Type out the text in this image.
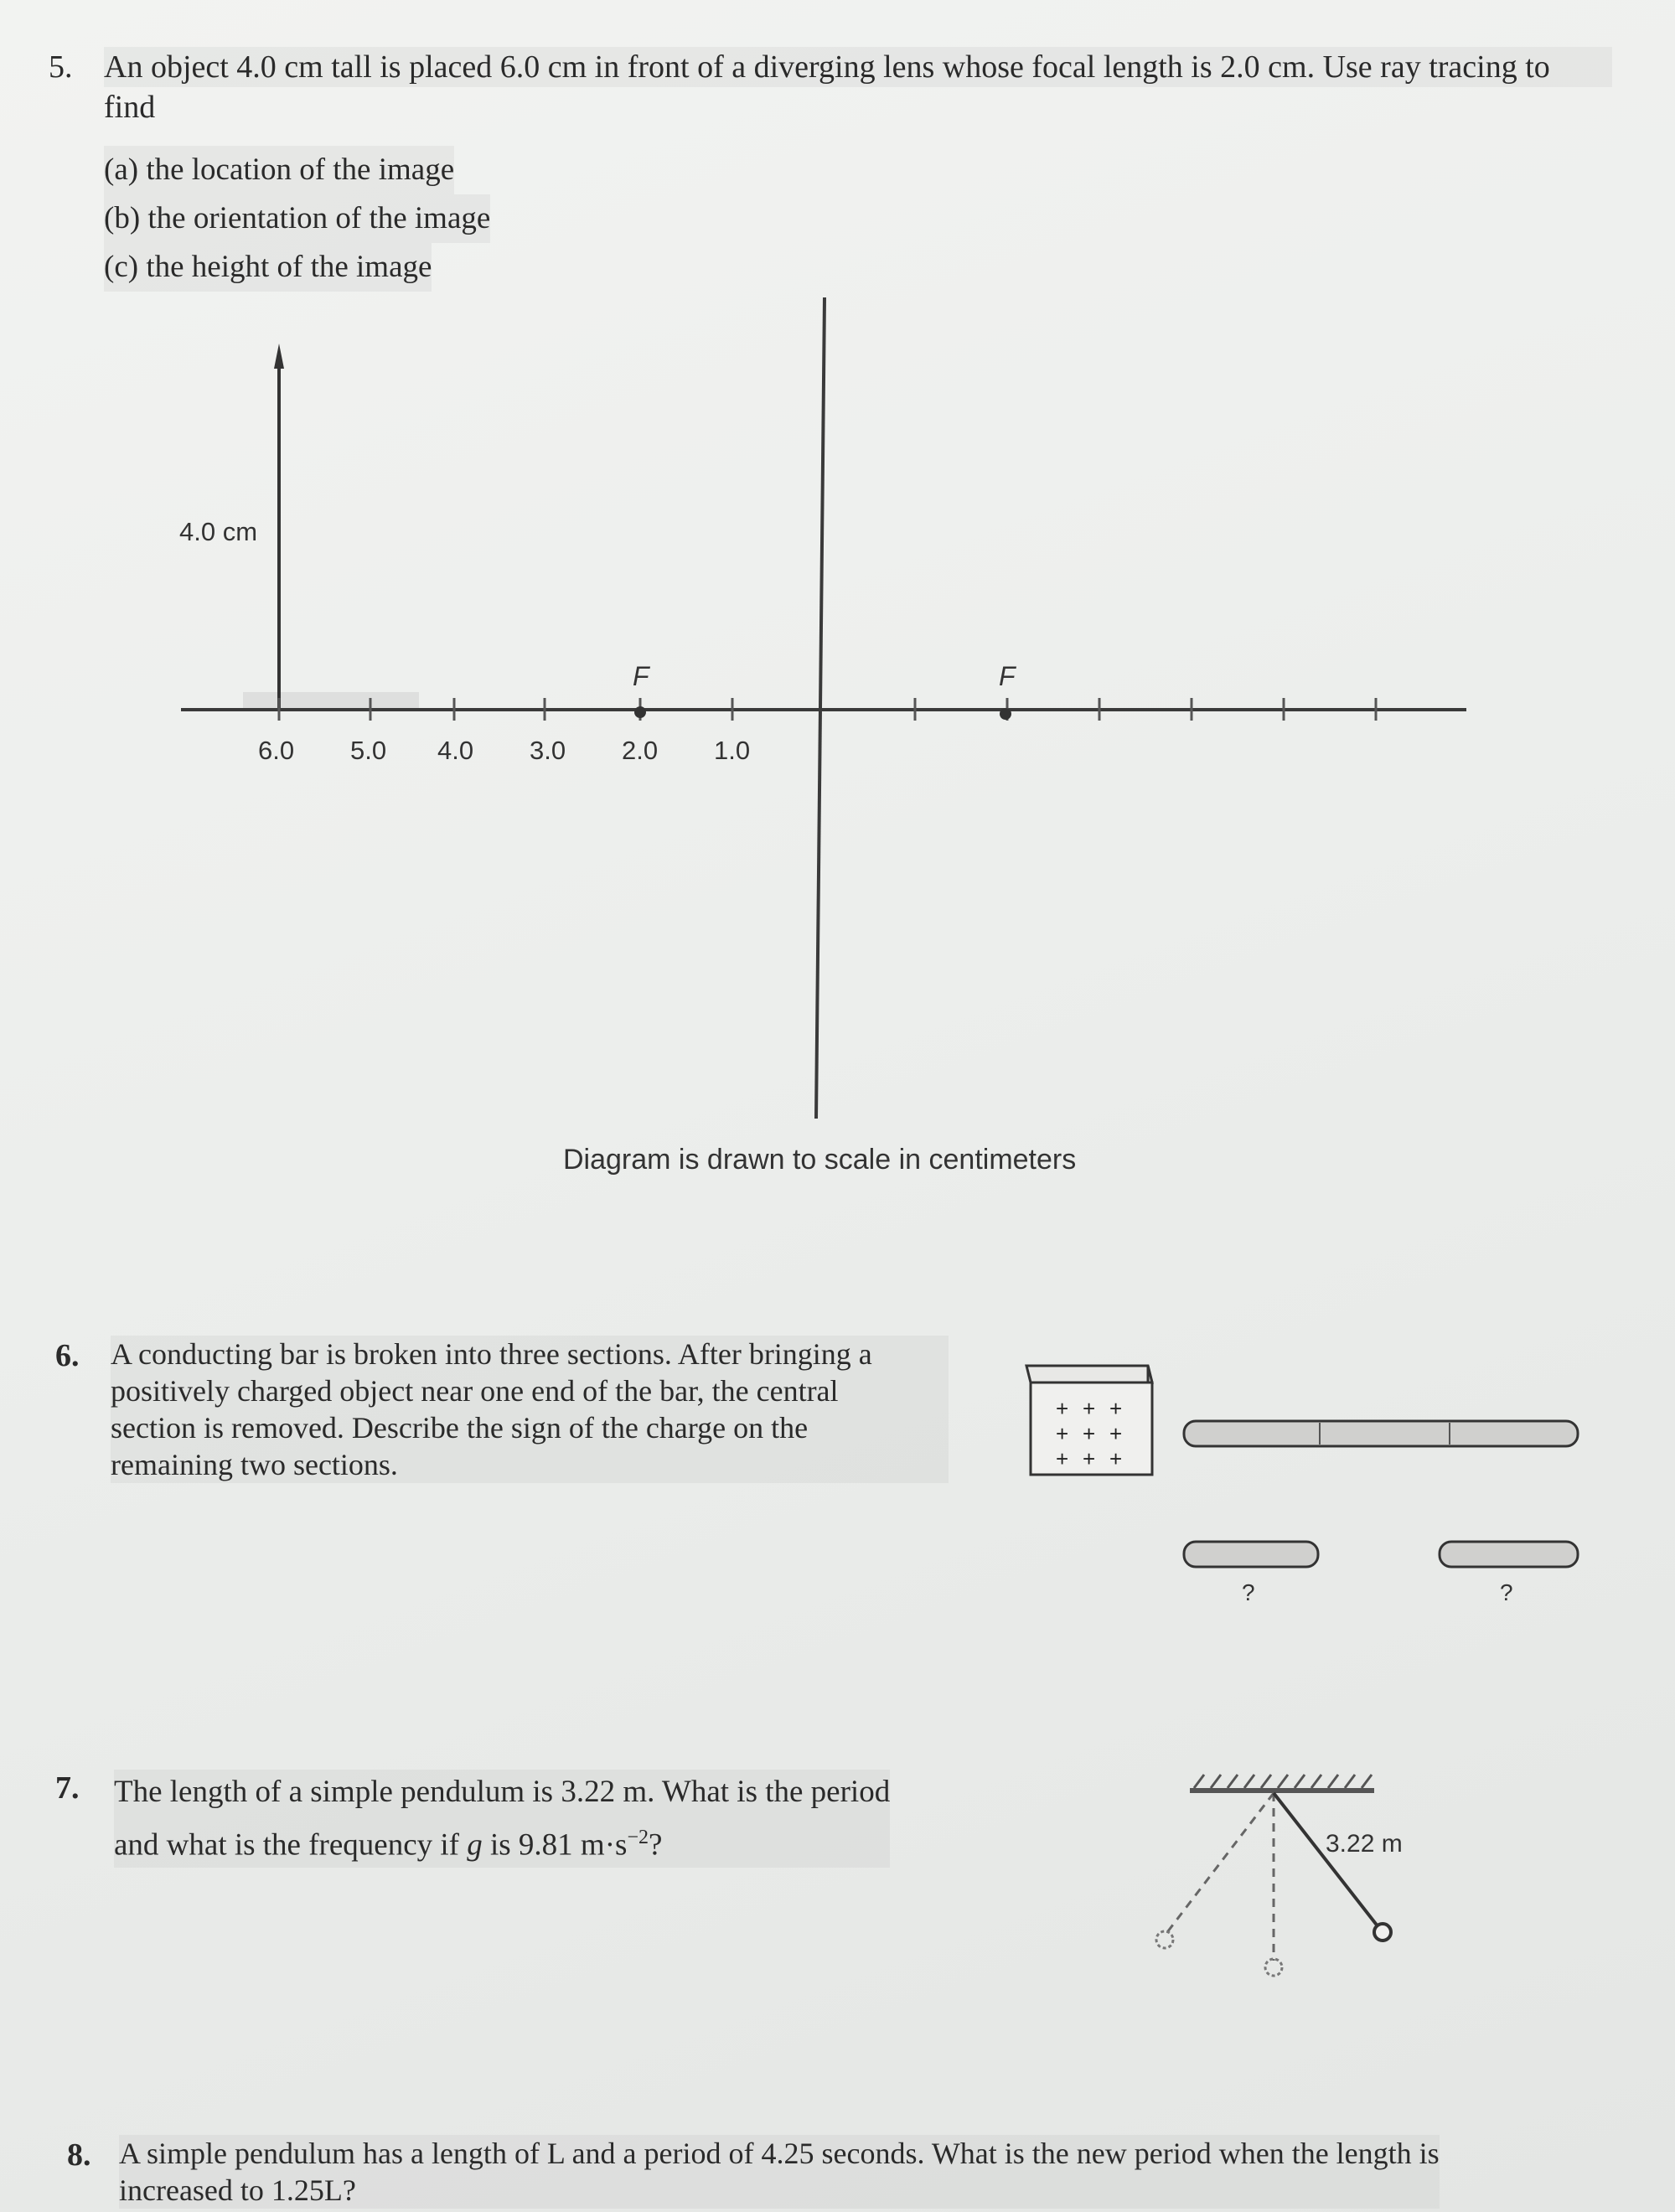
5. An object 4.0 cm tall is placed 6.0 cm in front of a diverging lens whose focal length is 2.0 cm. Use ray tracing to
find
(a) the location of the image
(b) the orientation of the image
(c) the height of the image
4.0 cm
F	F
6.0 5.0 4.0 3.0 2.0 1.0
Diagram is drawn to scale in centimeters
6. A conducting bar is broken into three sections. After bringing a
positively charged object near one end of the bar, the central
section is removed. Describe the sign of the charge on the
remaining two sections.
+ + +
+ + +
+ + +
?	?
7. The length of a simple pendulum is 3.22 m. What is the period
and what is the frequency if g is 9.81 $m\cdot s^{-2}$?	3.22 m
8. A simple pendulum has a length of L and a period of 4.25 seconds. What is the new period when the length is
increased to 1.25L?
